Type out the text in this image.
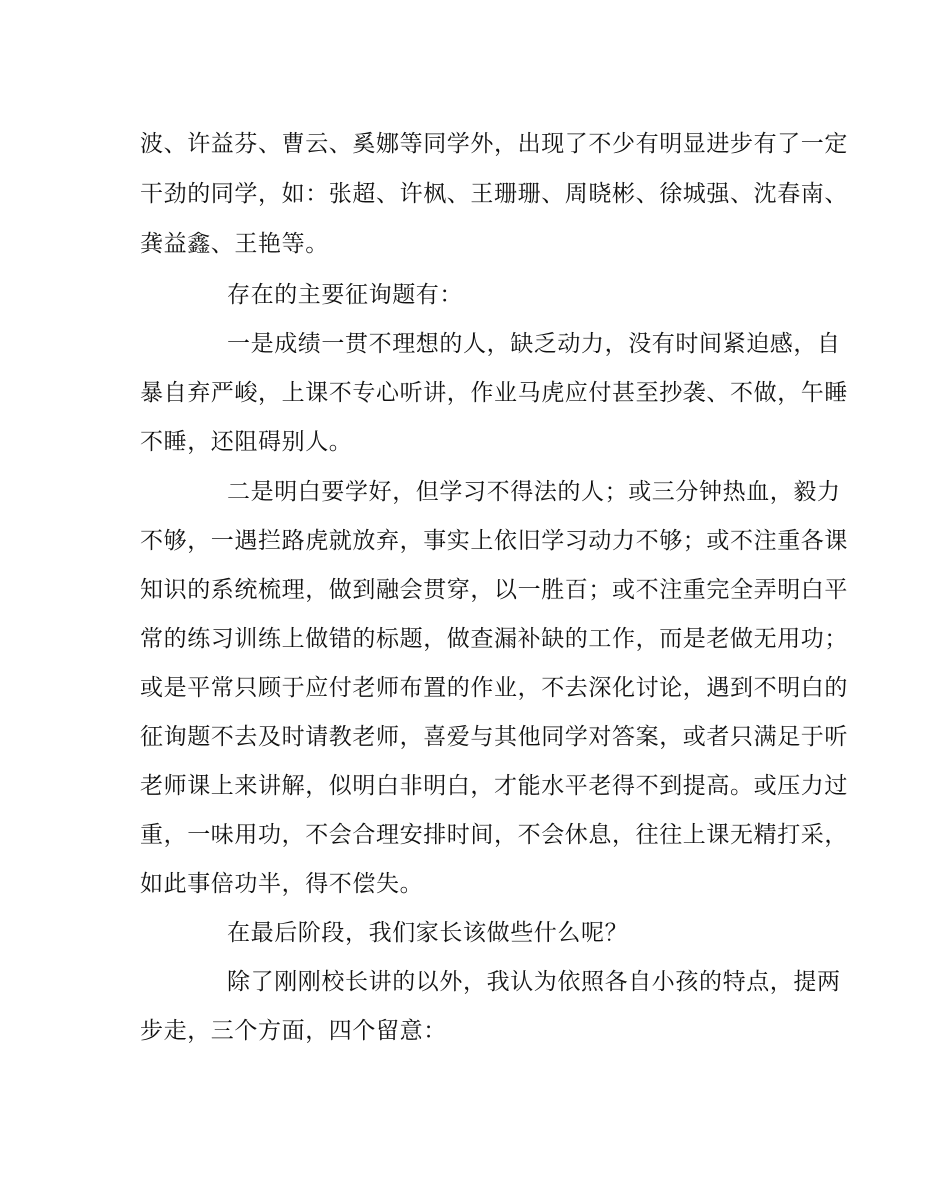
波、许益芬、曹云、奚娜等同学外，出现了不少有明显进步有了一定
干劲的同学，如：张超、许枫、王珊珊、周晓彬、徐城强、沈春南、
龚益鑫、王艳等。
存在的主要征询题有：
一是成绩一贯不理想的人，缺乏动力，没有时间紧迫感，自
暴自弃严峻，上课不专心听讲，作业马虎应付甚至抄袭、不做，午睡
不睡，还阻碍别人。
二是明白要学好，但学习不得法的人；或三分钟热血，毅力
不够，一遇拦路虎就放弃，事实上依旧学习动力不够；或不注重各课
知识的系统梳理，做到融会贯穿，以一胜百；或不注重完全弄明白平
常的练习训练上做错的标题，做查漏补缺的工作，而是老做无用功；
或是平常只顾于应付老师布置的作业，不去深化讨论，遇到不明白的
征询题不去及时请教老师，喜爱与其他同学对答案，或者只满足于听
老师课上来讲解，似明白非明白，才能水平老得不到提高。或压力过
重，一味用功，不会合理安排时间，不会休息，往往上课无精打采，
如此事倍功半，得不偿失。
在最后阶段，我们家长该做些什么呢？
除了刚刚校长讲的以外，我认为依照各自小孩的特点，提两
步走，三个方面，四个留意：
